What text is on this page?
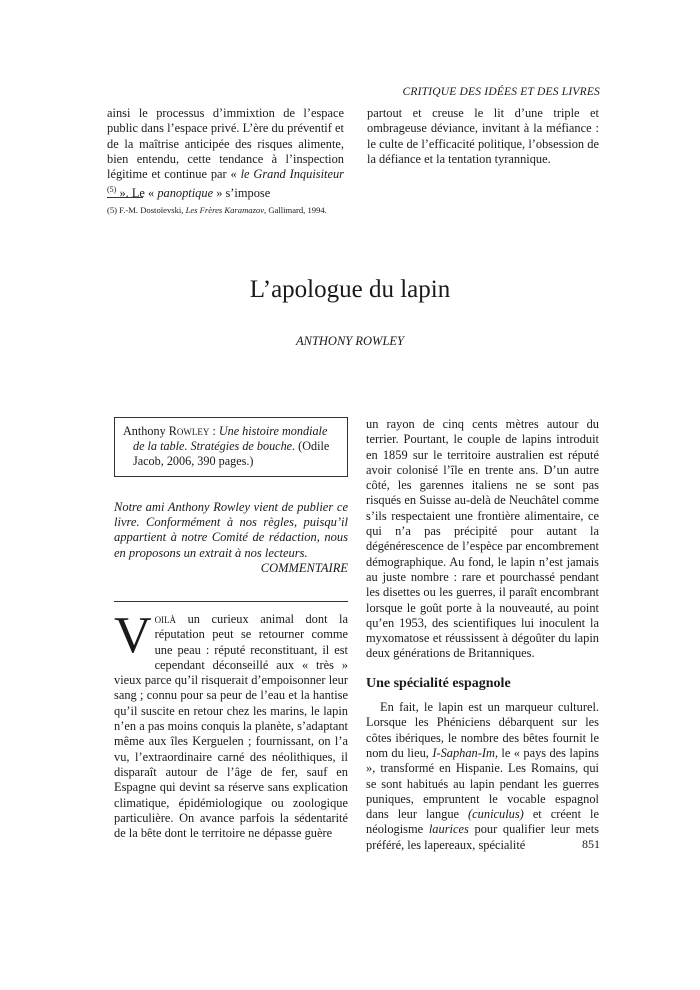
CRITIQUE DES IDÉES ET DES LIVRES

ainsi le processus d’immixtion de l’espace public dans l’espace privé. L’ère du préventif et de la maîtrise anticipée des risques alimente, bien entendu, cette tendance à l’inspection légitime et continue par « le Grand Inquisiteur $^{(5)}$ ». Le « panoptique » s’impose

partout et creuse le lit d’une triple et ombrageuse déviance, invitant à la méfiance : le culte de l’efficacité politique, l’obsession de la défiance et la tentation tyrannique.

(5) F.-M. Dostoïevski, Les Frères Karamazov, Gallimard, 1994.
L’apologue du lapin
ANTHONY ROWLEY
Anthony Rowley : Une histoire mondiale de la table. Stratégies de bouche. (Odile Jacob, 2006, 390 pages.)
Notre ami Anthony Rowley vient de publier ce livre. Conformément à nos règles, puisqu’il appartient à notre Comité de rédaction, nous en proposons un extrait à nos lecteurs.
COMMENTAIRE

Voilà un curieux animal dont la réputation peut se retourner comme une peau : réputé reconstituant, il est cependant déconseillé aux « très » vieux parce qu’il risquerait d’empoisonner leur sang ; connu pour sa peur de l’eau et la hantise qu’il suscite en retour chez les marins, le lapin n’en a pas moins conquis la planète, s’adaptant même aux îles Kerguelen ; fournissant, on l’a vu, l’extraordinaire carné des néolithiques, il disparaît autour de l’âge de fer, sauf en Espagne qui devint sa réserve sans explication climatique, épidémiologique ou zoologique particulière. On avance parfois la sédentarité de la bête dont le territoire ne dépasse guère

un rayon de cinq cents mètres autour du terrier. Pourtant, le couple de lapins introduit en 1859 sur le territoire australien est réputé avoir colonisé l’île en trente ans. D’un autre côté, les garennes italiens ne se sont pas risqués en Suisse au-delà de Neuchâtel comme s’ils respectaient une frontière alimentaire, ce qui n’a pas précipité pour autant la dégénérescence de l’espèce par encombrement démographique. Au fond, le lapin n’est jamais au juste nombre : rare et pourchassé pendant les disettes ou les guerres, il paraît encombrant lorsque le goût porte à la nouveauté, au point qu’en 1953, des scientifiques lui inoculent la myxomatose et réussissent à dégoûter du lapin deux générations de Britanniques.

Une spécialité espagnole

En fait, le lapin est un marqueur culturel. Lorsque les Phéniciens débarquent sur les côtes ibériques, le nombre des bêtes fournit le nom du lieu, I-Saphan-Im, le « pays des lapins », transformé en Hispanie. Les Romains, qui se sont habitués au lapin pendant les guerres puniques, empruntent le vocable espagnol dans leur langue (cuniculus) et créent le néologisme laurices pour qualifier leur mets préféré, les lapereaux, spécialité	851
